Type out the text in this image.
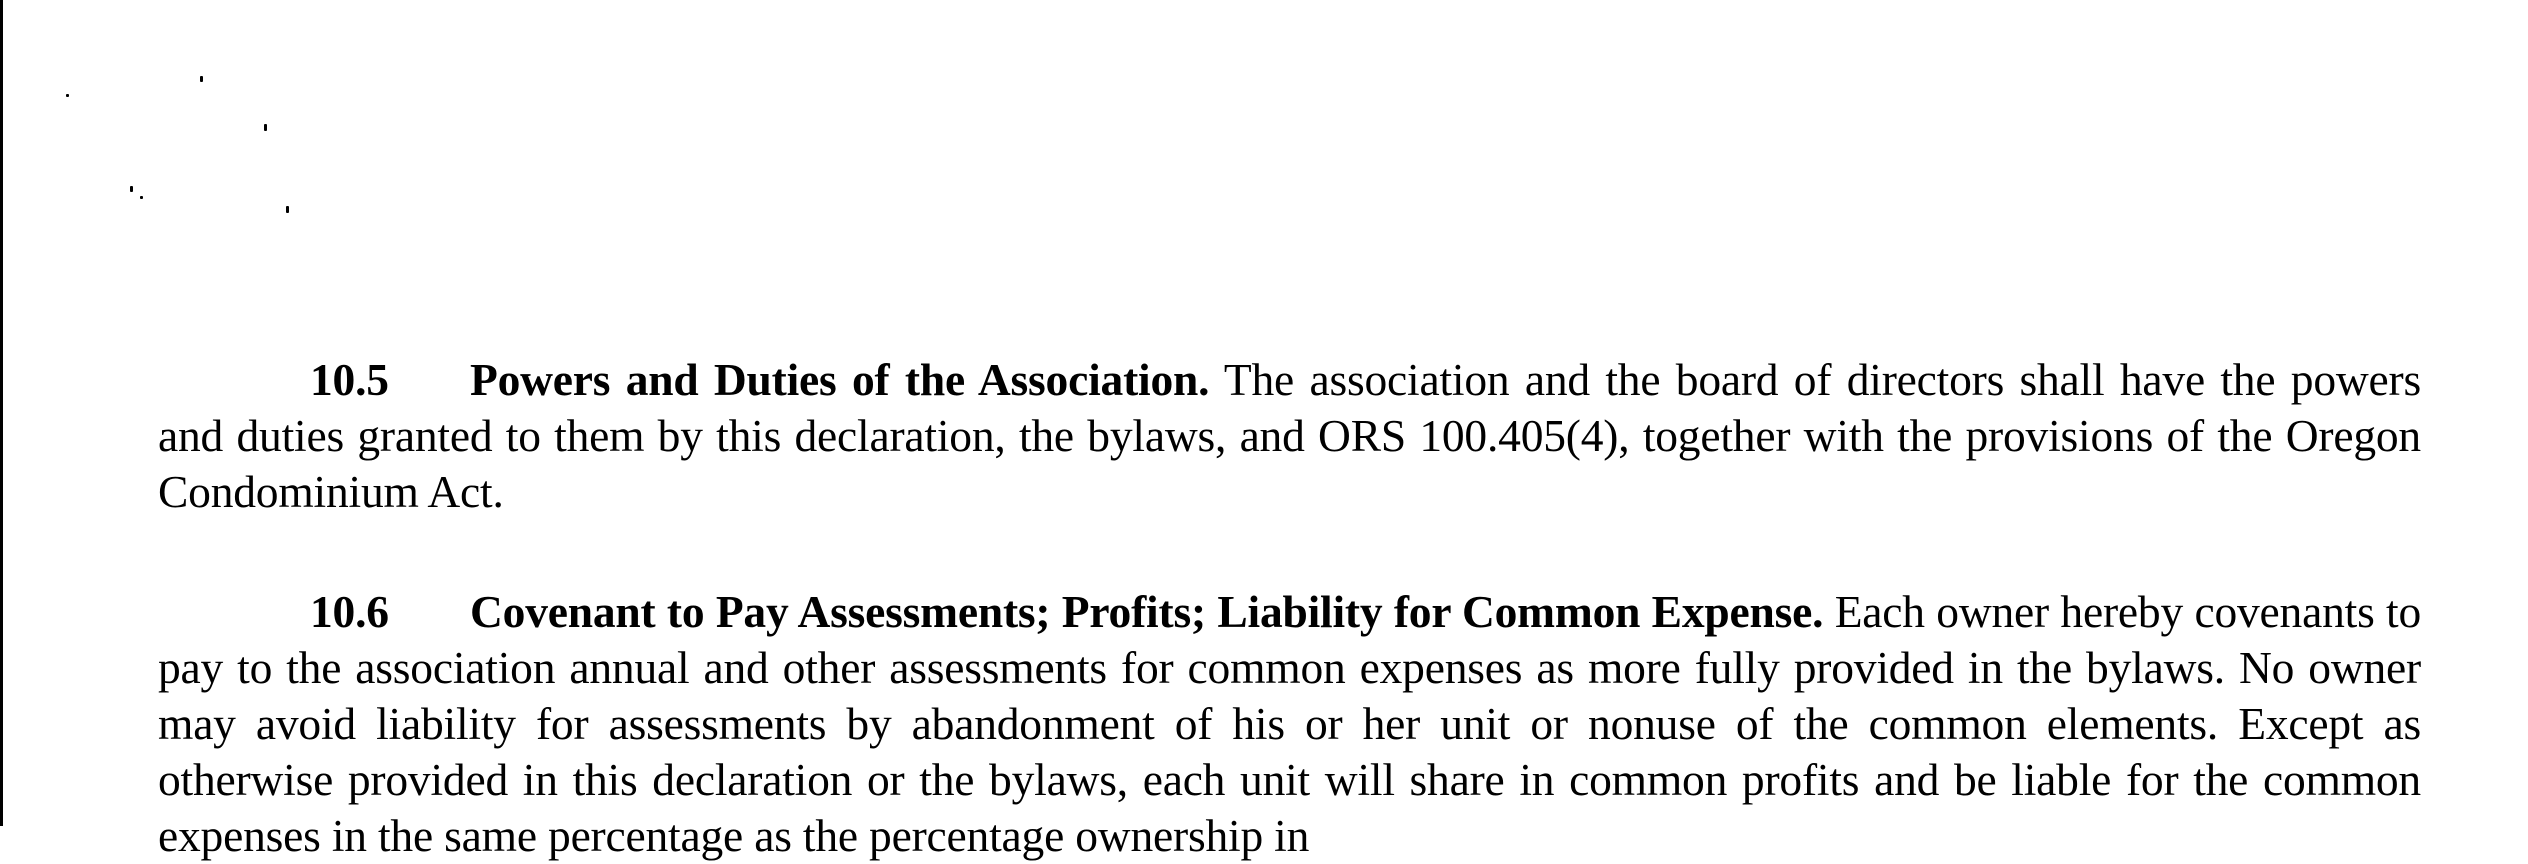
10.5 Powers and Duties of the Association. The association and the board of directors shall have the powers and duties granted to them by this declaration, the bylaws, and ORS 100.405(4), together with the provisions of the Oregon Condominium Act.
10.6 Covenant to Pay Assessments; Profits; Liability for Common Expense. Each owner hereby covenants to pay to the association annual and other assessments for common expenses as more fully provided in the bylaws. No owner may avoid liability for assessments by abandonment of his or her unit or nonuse of the common elements. Except as otherwise provided in this declaration or the bylaws, each unit will share in common profits and be liable for the common expenses in the same percentage as the percentage ownership in
